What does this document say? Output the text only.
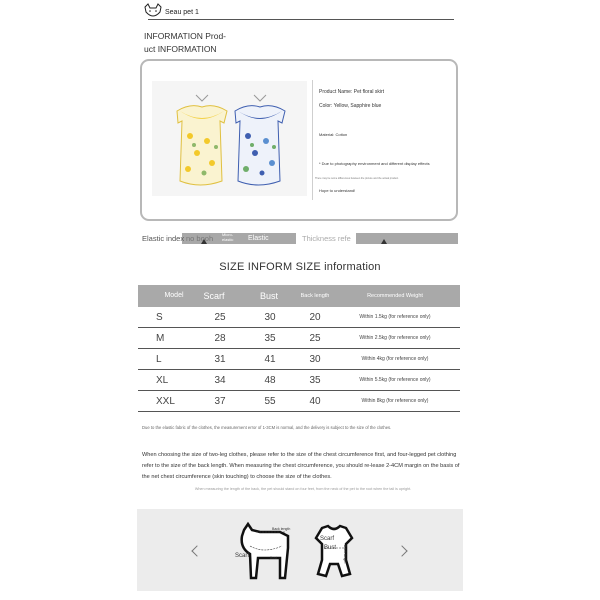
Seau pet 1
INFORMATION Prod-
uct INFORMATION
Product Name: Pet floral skirt
Color: Yellow, Sapphire blue
Material: Cotton
* Due to photography environment and different display effects
There may be some differences between the picture and the actual product.
Hope to understand!
Elastic index no booh Micro-elastic	Elastic	Thickness refe
SIZE INFORM SIZE information
Model	Scarf	Bust	Back length	Recommended Weight
S	25	30	20	Within 1.5kg (for reference only)
M	28	35	25	Within 2.5kg (for reference only)
L	31	41	30	Within 4kg (for reference only)
XL	34	48	35	Within 5.5kg (for reference only)
XXL	37	55	40	Within 8kg (for reference only)
Due to the elastic fabric of the clothes, the measurement error of 1-3CM is normal, and the delivery is subject to the size of the clothes.
When choosing the size of two-leg clothes, please refer to the size of the chest circumference first, and four-legged pet clothing refer to the size of the back length. When measuring the chest circumference, you should re-lease 2-4CM margin on the basis of the net chest circumference (skin touching) to choose the size of the clothes.
When measuring the length of the back, the pet should stand on four feet, from the neck of the pet to the root when the tail is upright.
Back length
Scarf	Bust
Scarf
Bust Back length
